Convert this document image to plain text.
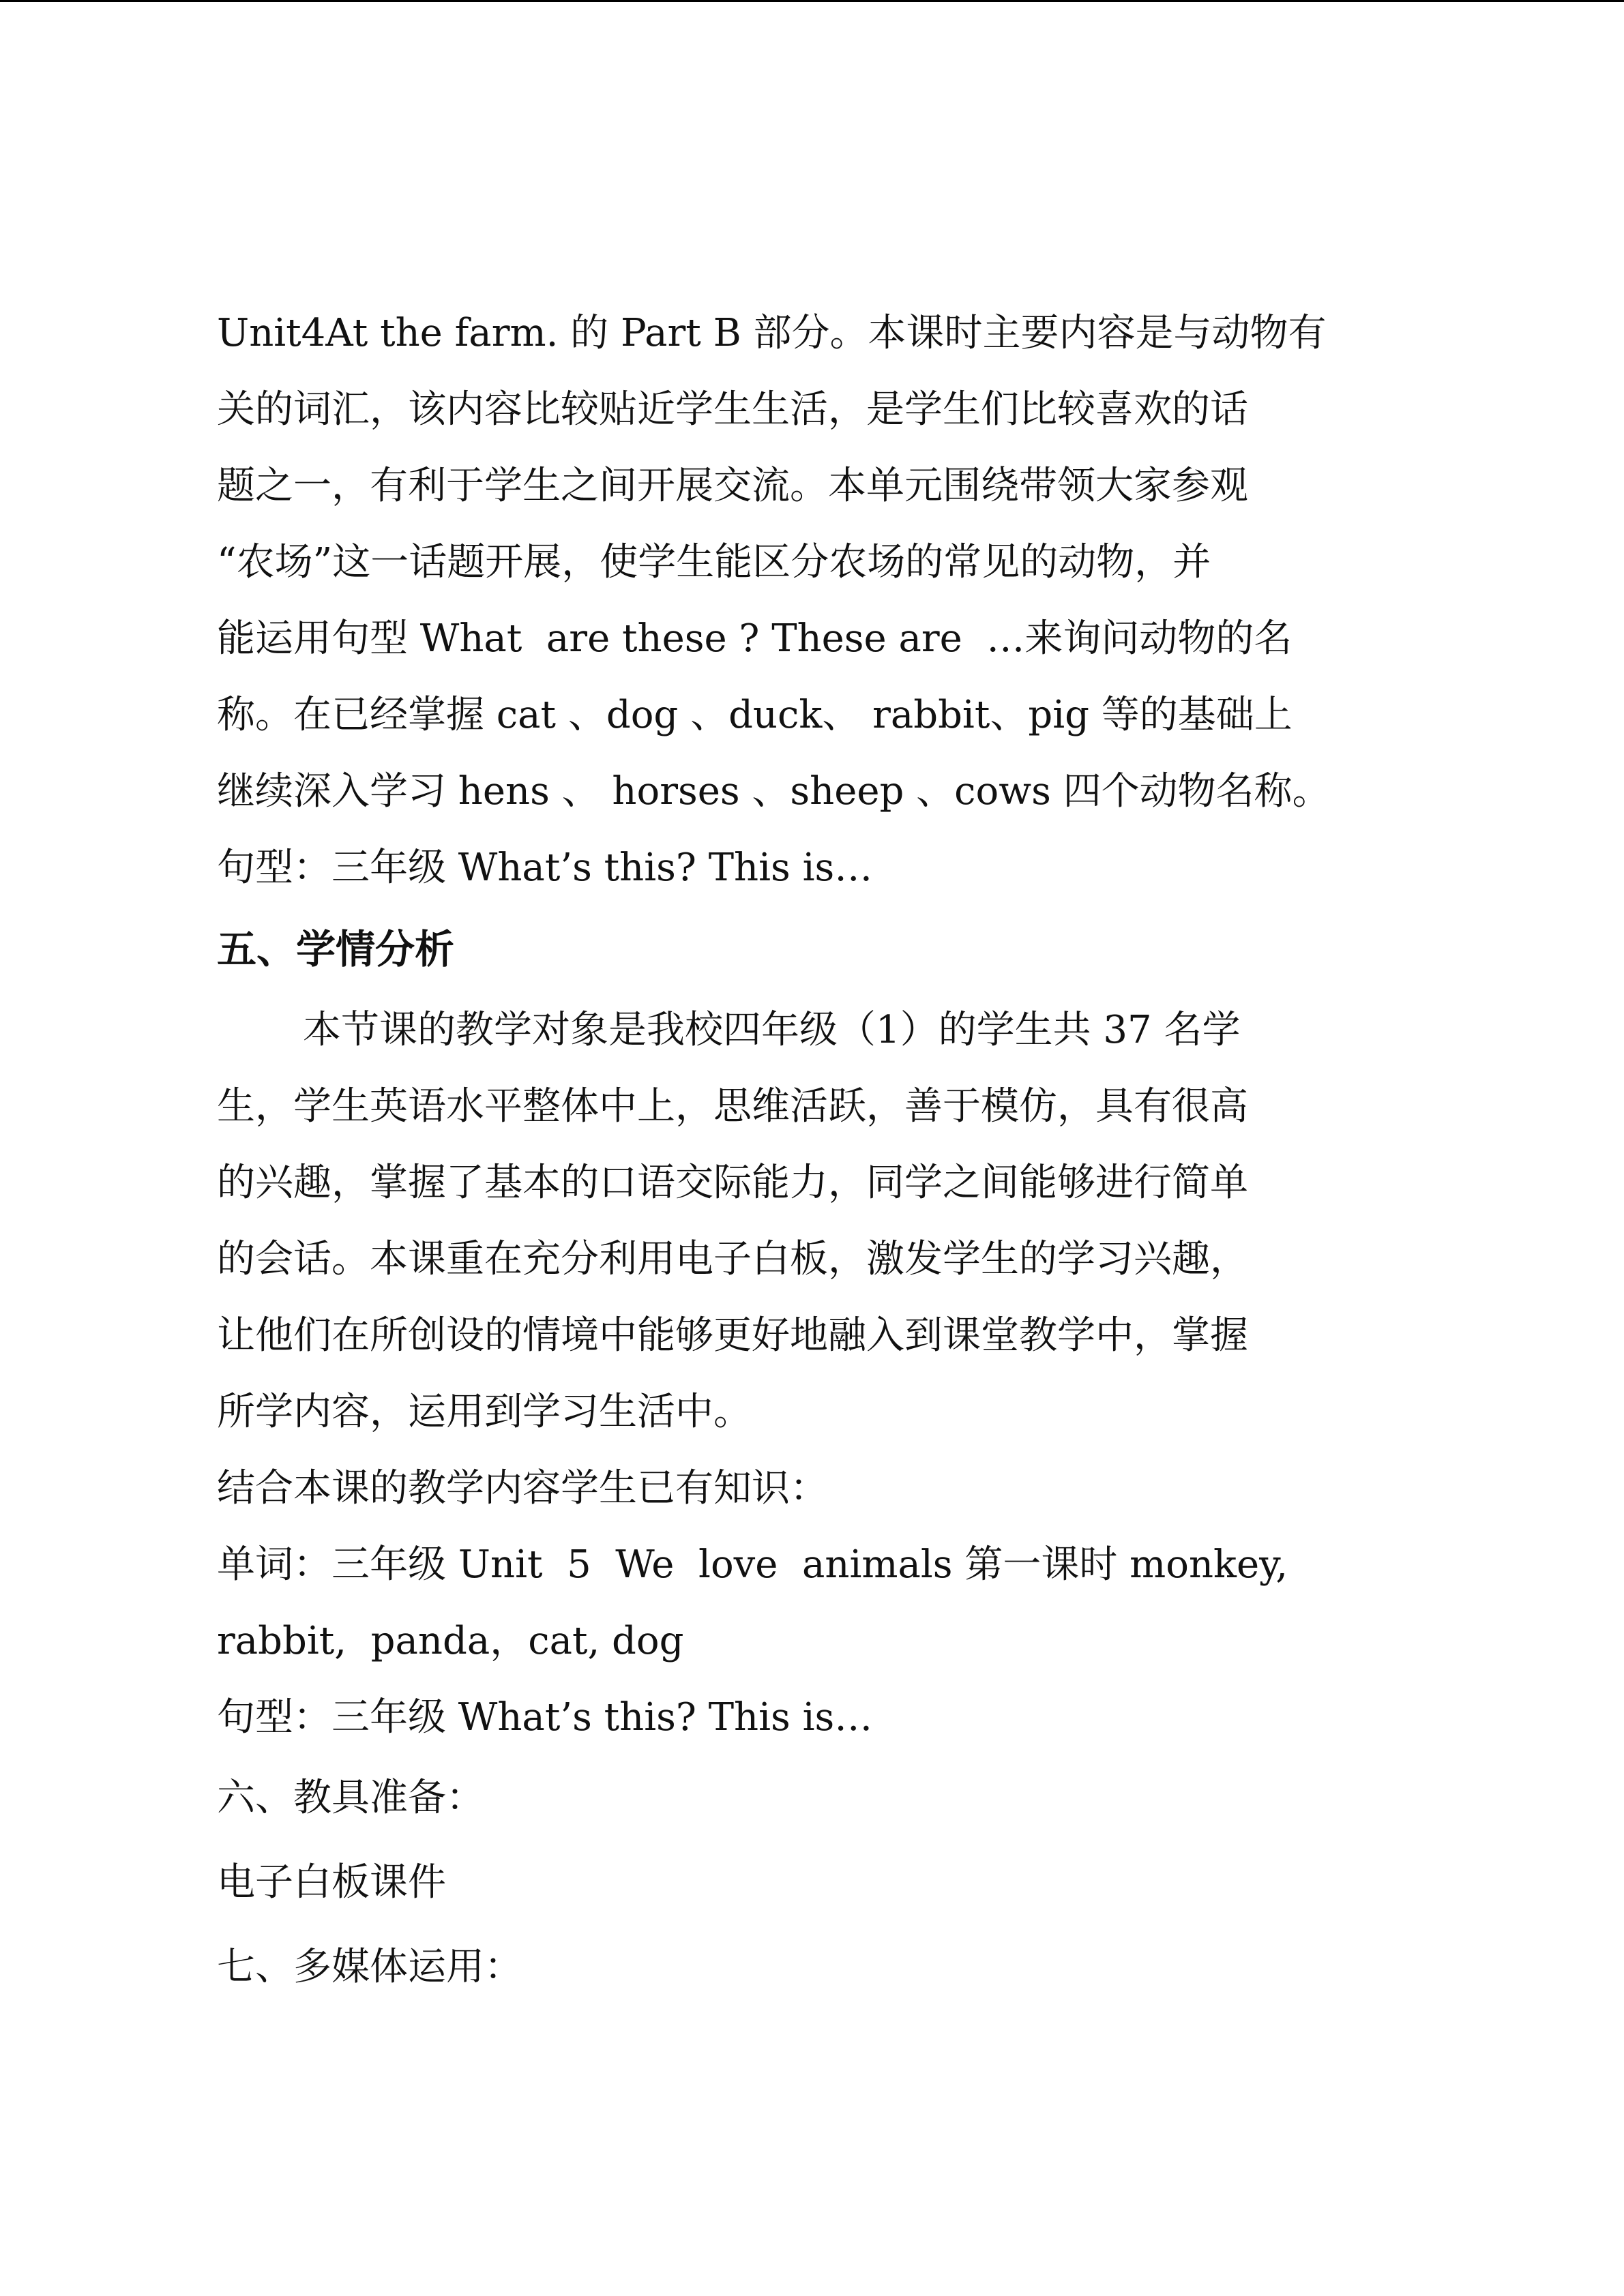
Unit4At the farm. 的 Part B 部分。本课时主要内容是与动物有
关的词汇，该内容比较贴近学生生活，是学生们比较喜欢的话
题之一，有利于学生之间开展交流。本单元围绕带领大家参观
“农场”这一话题开展，使学生能区分农场的常见的动物，并
能运用句型 What  are these ? These are  …来询问动物的名
称。在已经掌握 cat 、dog 、duck、 rabbit、pig 等的基础上
继续深入学习 hens 、 horses 、sheep 、cows 四个动物名称。
句型：三年级 What’s this? This is…
五、学情分析
本节课的教学对象是我校四年级（1）的学生共 37 名学
生，学生英语水平整体中上，思维活跃，善于模仿，具有很高
的兴趣，掌握了基本的口语交际能力，同学之间能够进行简单
的会话。本课重在充分利用电子白板，激发学生的学习兴趣，
让他们在所创设的情境中能够更好地融入到课堂教学中，掌握
所学内容，运用到学习生活中。
结合本课的教学内容学生已有知识：
单词：三年级 Unit  5  We  love  animals 第一课时 monkey,
rabbit,  panda，cat, dog
句型：三年级 What’s this? This is…
六、教具准备：
电子白板课件
七、多媒体运用：
